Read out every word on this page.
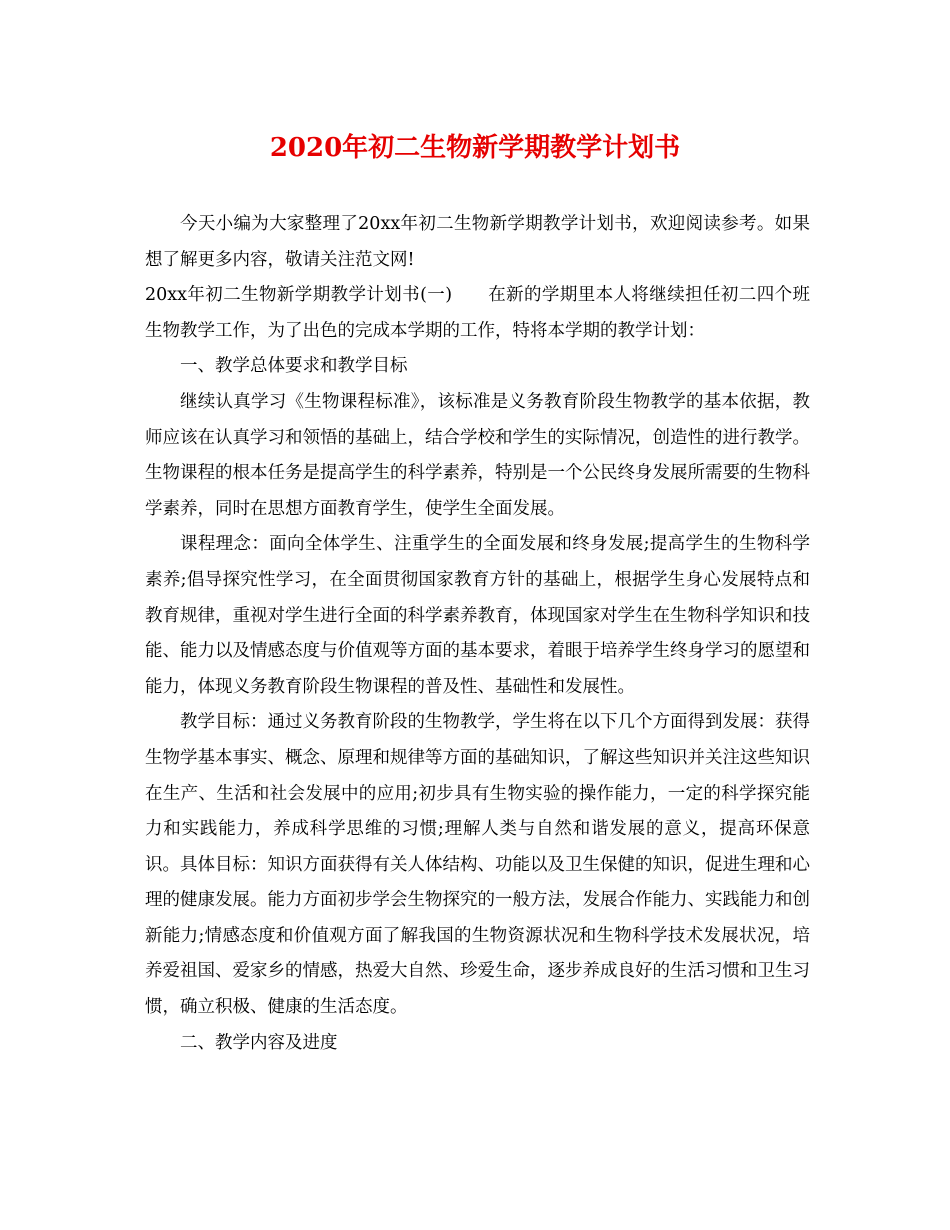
2020年初二生物新学期教学计划书

今天小编为大家整理了20xx年初二生物新学期教学计划书，欢迎阅读参考。如果想了解更多内容，敬请关注范文网!

20xx年初二生物新学期教学计划书(一)　　在新的学期里本人将继续担任初二四个班生物教学工作，为了出色的完成本学期的工作，特将本学期的教学计划：

一、教学总体要求和教学目标

继续认真学习《生物课程标准》，该标准是义务教育阶段生物教学的基本依据，教师应该在认真学习和领悟的基础上，结合学校和学生的实际情况，创造性的进行教学。生物课程的根本任务是提高学生的科学素养，特别是一个公民终身发展所需要的生物科学素养，同时在思想方面教育学生，使学生全面发展。

课程理念：面向全体学生、注重学生的全面发展和终身发展;提高学生的生物科学素养;倡导探究性学习，在全面贯彻国家教育方针的基础上，根据学生身心发展特点和教育规律，重视对学生进行全面的科学素养教育，体现国家对学生在生物科学知识和技能、能力以及情感态度与价值观等方面的基本要求，着眼于培养学生终身学习的愿望和能力，体现义务教育阶段生物课程的普及性、基础性和发展性。

教学目标：通过义务教育阶段的生物教学，学生将在以下几个方面得到发展：获得生物学基本事实、概念、原理和规律等方面的基础知识，了解这些知识并关注这些知识在生产、生活和社会发展中的应用;初步具有生物实验的操作能力，一定的科学探究能力和实践能力，养成科学思维的习惯;理解人类与自然和谐发展的意义，提高环保意识。具体目标：知识方面获得有关人体结构、功能以及卫生保健的知识，促进生理和心理的健康发展。能力方面初步学会生物探究的一般方法，发展合作能力、实践能力和创新能力;情感态度和价值观方面了解我国的生物资源状况和生物科学技术发展状况，培养爱祖国、爱家乡的情感，热爱大自然、珍爱生命，逐步养成良好的生活习惯和卫生习惯，确立积极、健康的生活态度。

二、教学内容及进度
